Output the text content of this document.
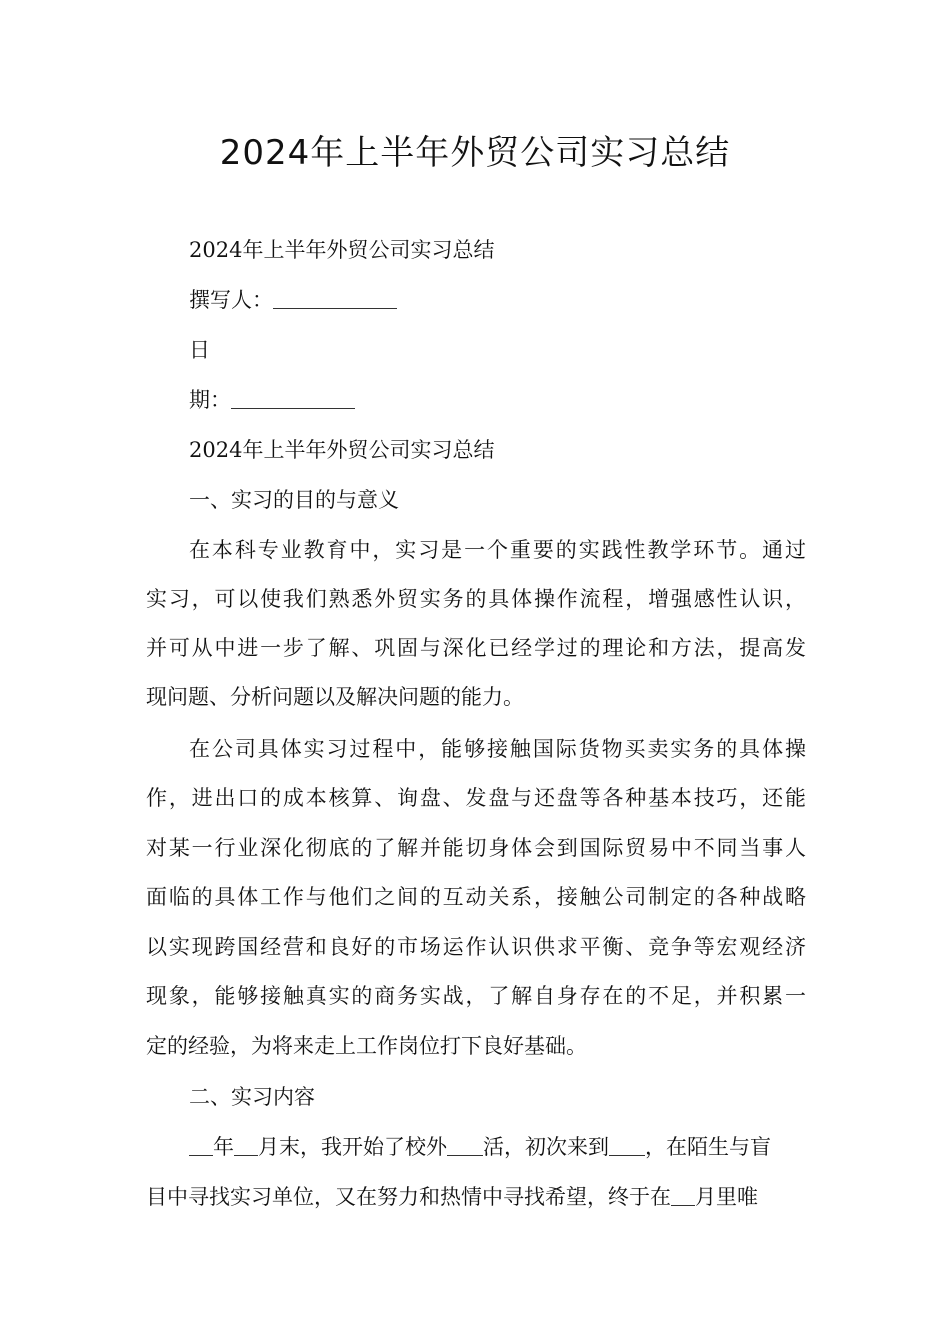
2024年上半年外贸公司实习总结
2024年上半年外贸公司实习总结
撰写人：
日
期：
2024年上半年外贸公司实习总结
一、实习的目的与意义
在本科专业教育中，实习是一个重要的实践性教学环节。通过
实习，可以使我们熟悉外贸实务的具体操作流程，增强感性认识，
并可从中进一步了解、巩固与深化已经学过的理论和方法，提高发
现问题、分析问题以及解决问题的能力。
在公司具体实习过程中，能够接触国际货物买卖实务的具体操
作，进出口的成本核算、询盘、发盘与还盘等各种基本技巧，还能
对某一行业深化彻底的了解并能切身体会到国际贸易中不同当事人
面临的具体工作与他们之间的互动关系，接触公司制定的各种战略
以实现跨国经营和良好的市场运作认识供求平衡、竞争等宏观经济
现象，能够接触真实的商务实战，了解自身存在的不足，并积累一
定的经验，为将来走上工作岗位打下良好基础。
二、实习内容
年 月末，我开始了校外 活，初次来到 ，在陌生与盲
目中寻找实习单位，又在努力和热情中寻找希望，终于在 月里唯
